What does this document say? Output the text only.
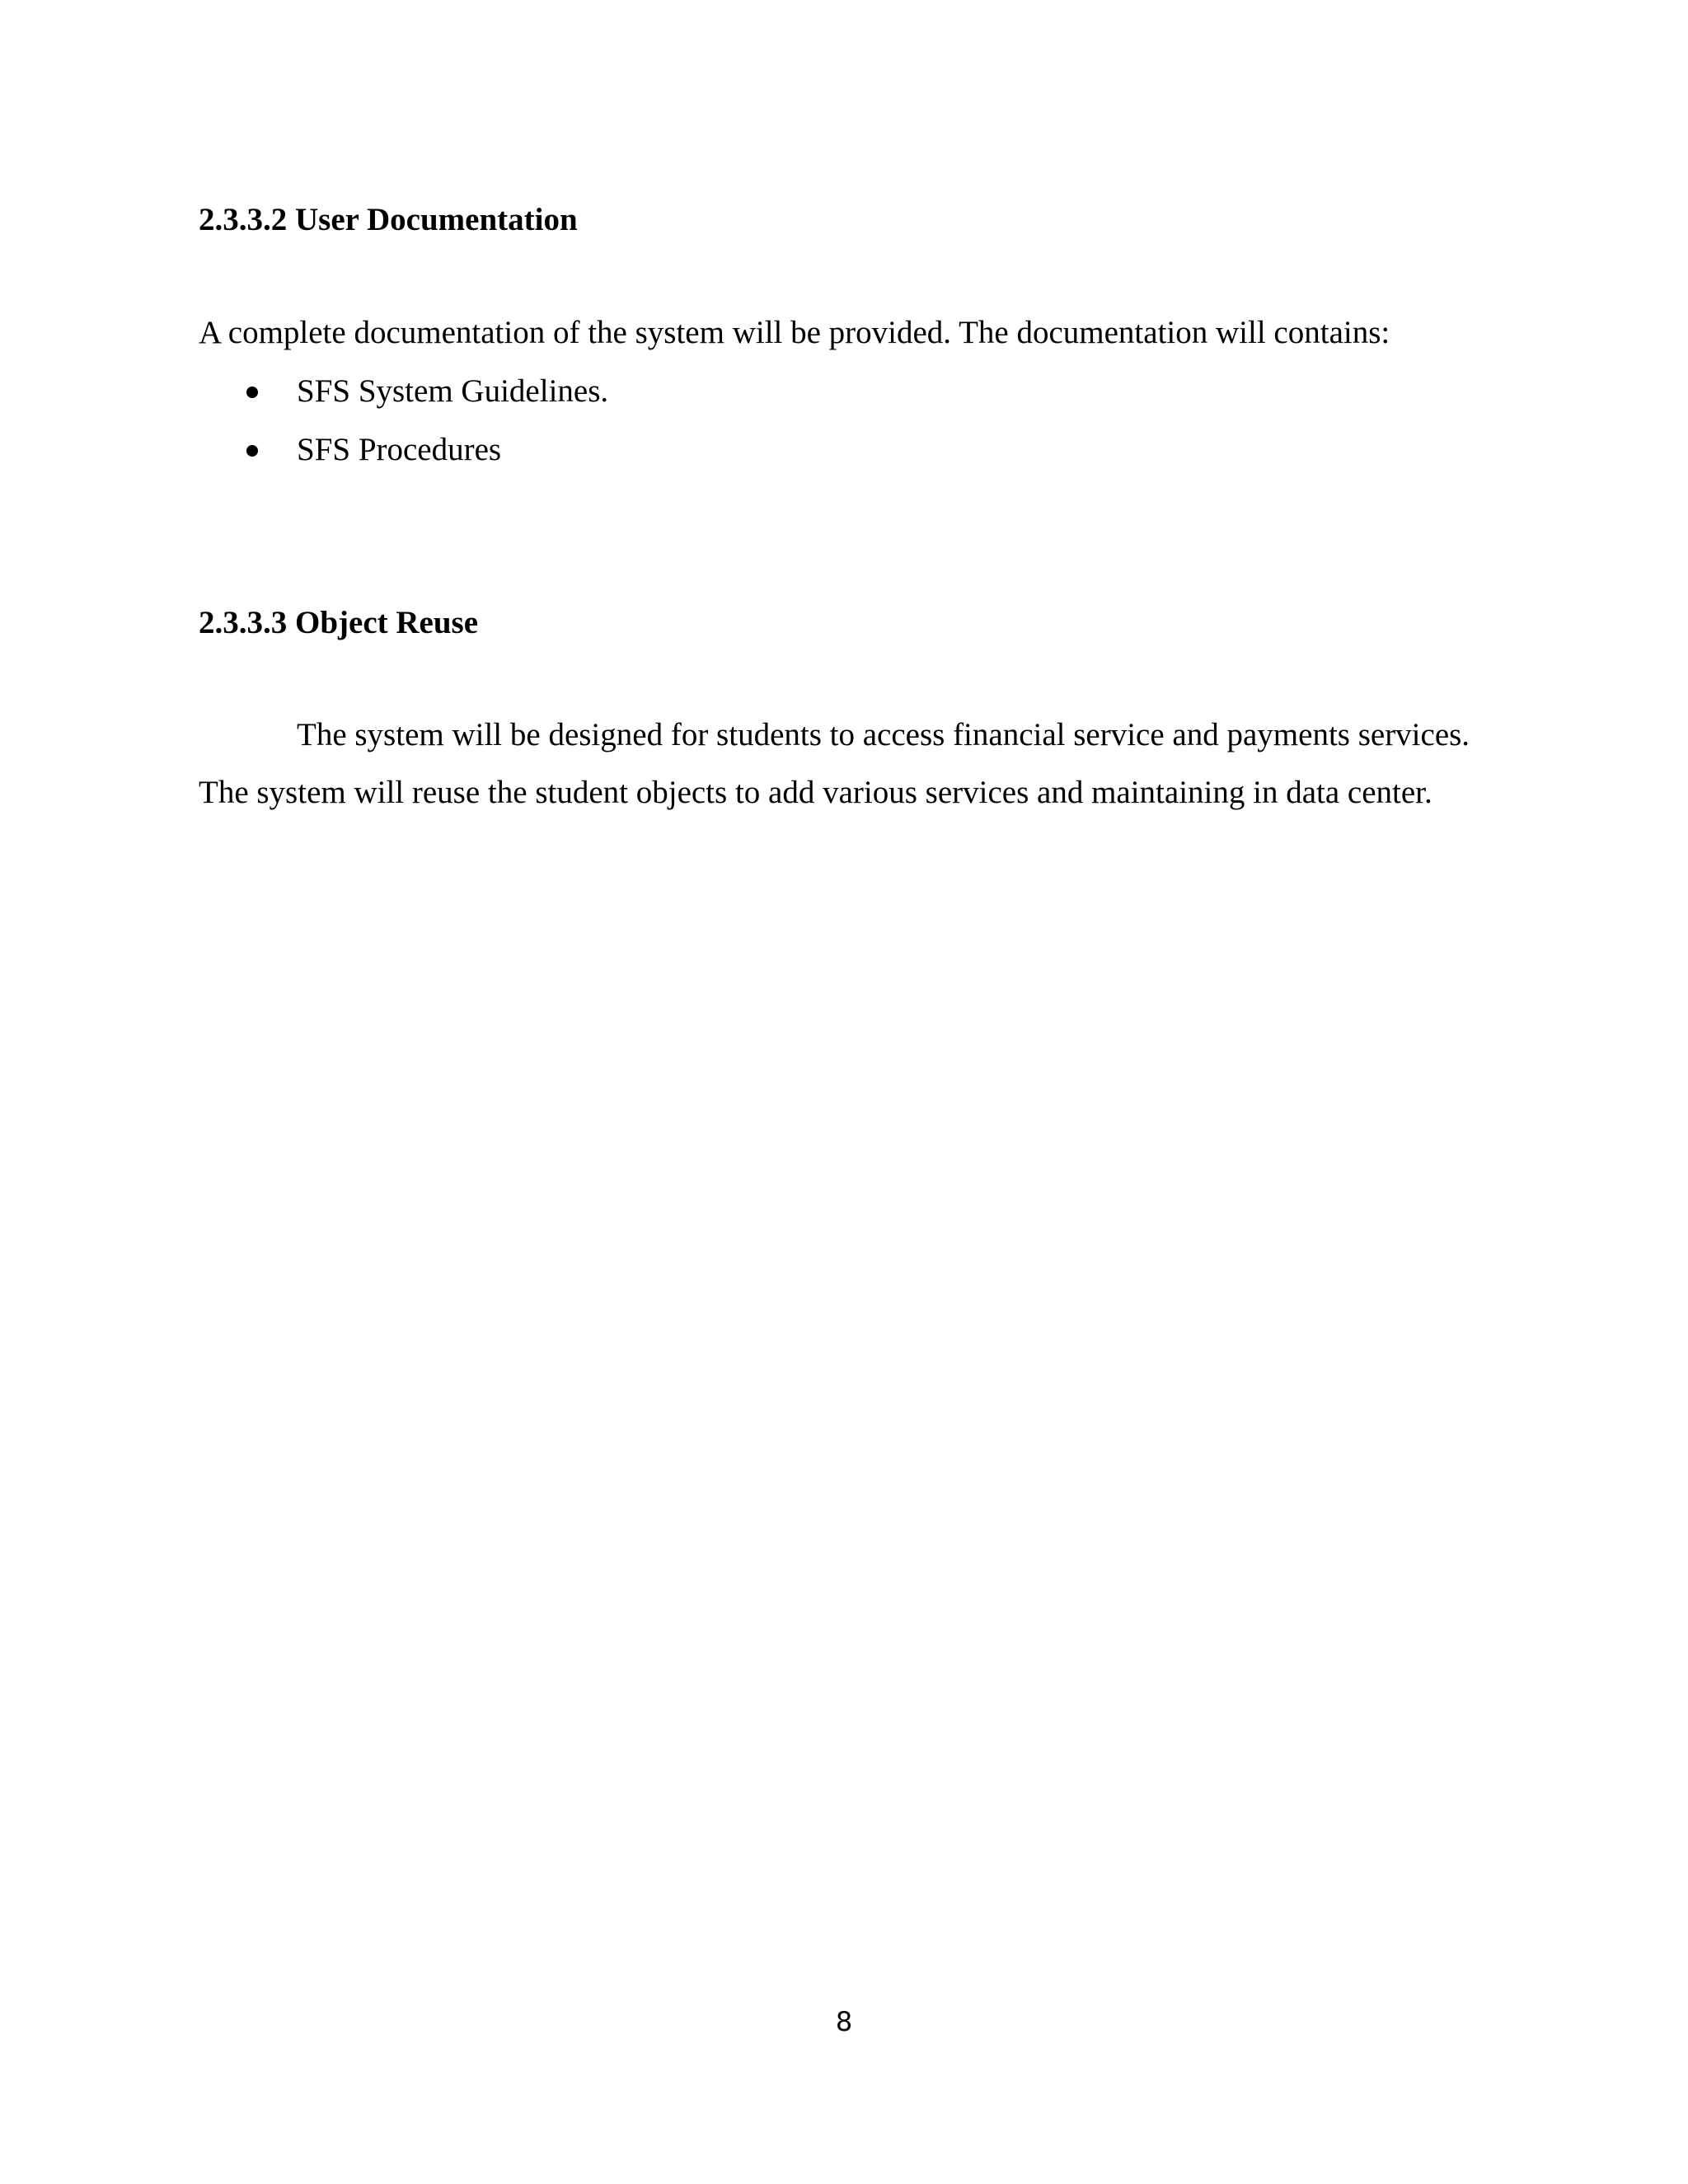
2.3.3.2 User Documentation

A complete documentation of the system will be provided. The documentation will contains:

SFS System Guidelines.
SFS Procedures
2.3.3.3 Object Reuse

The system will be designed for students to access financial service and payments services.

The system will reuse the student objects to add various services and maintaining in data center.

8
